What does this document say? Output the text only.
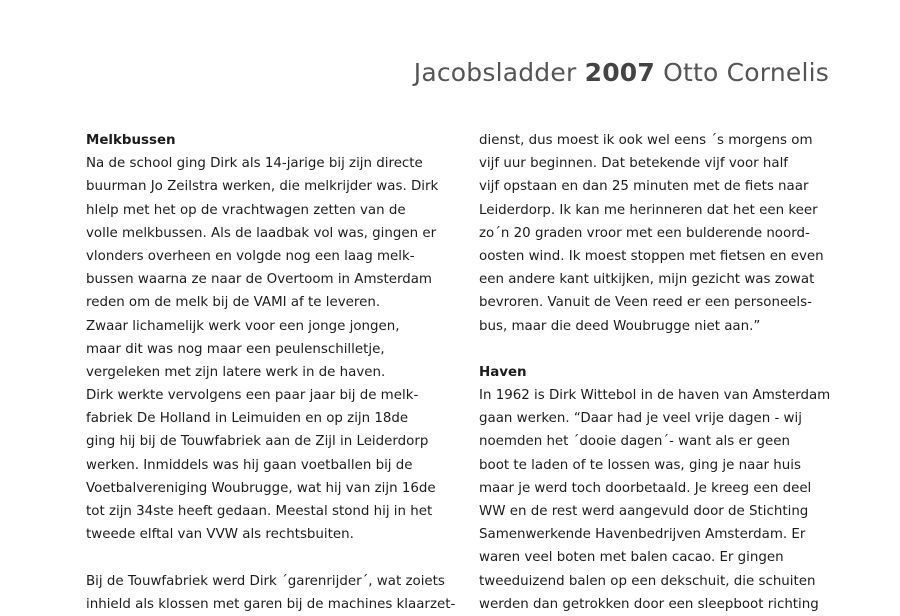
Jacobsladder 2007 Otto Cornelis
Melkbussen
Na de school ging Dirk als 14-jarige bij zijn directe
buurman Jo Zeilstra werken, die melkrijder was. Dirk
hlelp met het op de vrachtwagen zetten van de
volle melkbussen. Als de laadbak vol was, gingen er
vlonders overheen en volgde nog een laag melk-
bussen waarna ze naar de Overtoom in Amsterdam
reden om de melk bij de VAMI af te leveren.
Zwaar lichamelijk werk voor een jonge jongen,
maar dit was nog maar een peulenschilletje,
vergeleken met zijn latere werk in de haven.
Dirk werkte vervolgens een paar jaar bij de melk-
fabriek De Holland in Leimuiden en op zijn 18de
ging hij bij de Touwfabriek aan de Zijl in Leiderdorp
werken. Inmiddels was hij gaan voetballen bij de
Voetbalvereniging Woubrugge, wat hij van zijn 16de
tot zijn 34ste heeft gedaan. Meestal stond hij in het
tweede elftal van VVW als rechtsbuiten.
Bij de Touwfabriek werd Dirk ´garenrijder´, wat zoiets
inhield als klossen met garen bij de machines klaarzet-
dienst, dus moest ik ook wel eens ´s morgens om
vijf uur beginnen. Dat betekende vijf voor half
vijf opstaan en dan 25 minuten met de fiets naar
Leiderdorp. Ik kan me herinneren dat het een keer
zo´n 20 graden vroor met een bulderende noord-
oosten wind. Ik moest stoppen met fietsen en even
een andere kant uitkijken, mijn gezicht was zowat
bevroren. Vanuit de Veen reed er een personeels-
bus, maar die deed Woubrugge niet aan.”
Haven
In 1962 is Dirk Wittebol in de haven van Amsterdam
gaan werken. “Daar had je veel vrije dagen - wij
noemden het ´dooie dagen´- want als er geen
boot te laden of te lossen was, ging je naar huis
maar je werd toch doorbetaald. Je kreeg een deel
WW en de rest werd aangevuld door de Stichting
Samenwerkende Havenbedrijven Amsterdam. Er
waren veel boten met balen cacao. Er gingen
tweeduizend balen op een dekschuit, die schuiten
werden dan getrokken door een sleepboot richting
